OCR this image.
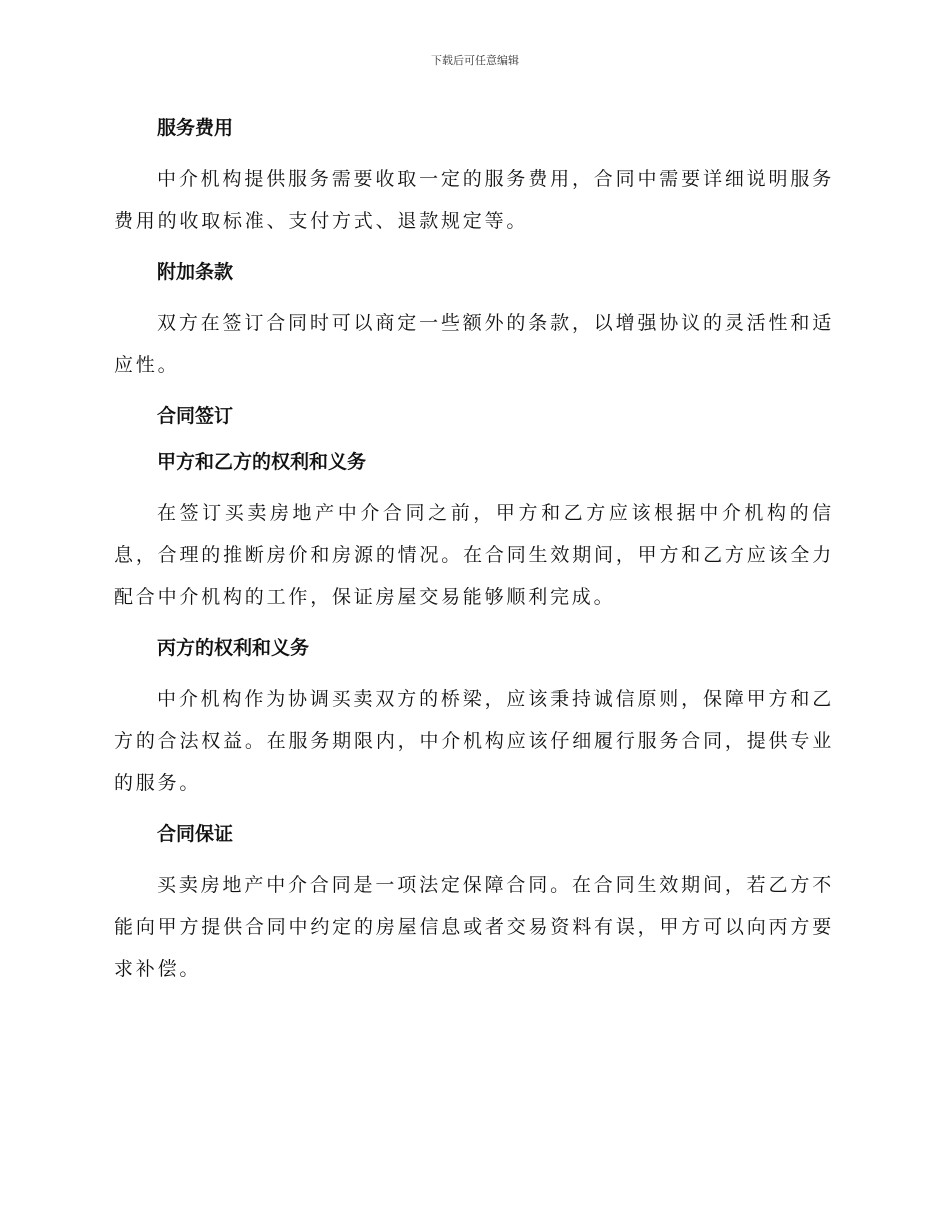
下载后可任意编辑
服务费用

中介机构提供服务需要收取一定的服务费用，合同中需要详细说明服务费用的收取标准、支付方式、退款规定等。

附加条款

双方在签订合同时可以商定一些额外的条款，以增强协议的灵活性和适应性。

合同签订
甲方和乙方的权利和义务

在签订买卖房地产中介合同之前，甲方和乙方应该根据中介机构的信息，合理的推断房价和房源的情况。在合同生效期间，甲方和乙方应该全力配合中介机构的工作，保证房屋交易能够顺利完成。

丙方的权利和义务

中介机构作为协调买卖双方的桥梁，应该秉持诚信原则，保障甲方和乙方的合法权益。在服务期限内，中介机构应该仔细履行服务合同，提供专业的服务。

合同保证

买卖房地产中介合同是一项法定保障合同。在合同生效期间，若乙方不能向甲方提供合同中约定的房屋信息或者交易资料有误，甲方可以向丙方要求补偿。
